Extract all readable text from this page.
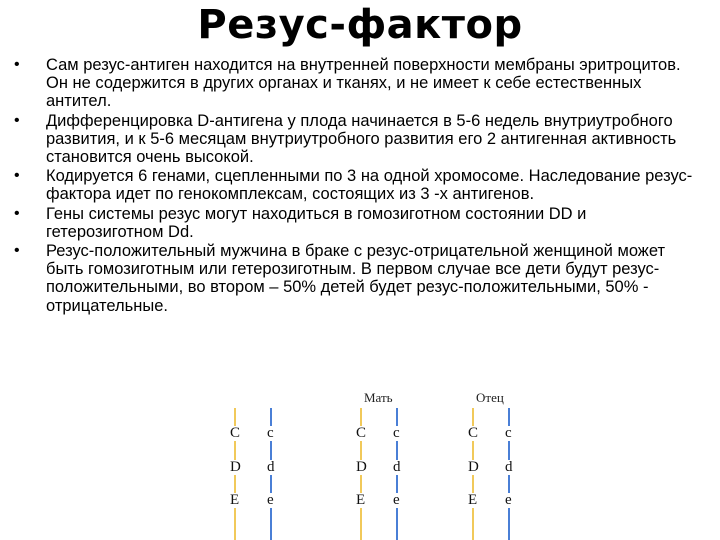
Резус-фактор
• Сам резус-антиген находится на внутренней поверхности мембраны эритроцитов. Он не содержится в других органах и тканях, и не имеет к себе естественных антител.
• Дифференцировка D-антигена у плода начинается в 5-6 недель внутриутробного развития, и к 5-6 месяцам внутриутробного развития его 2 антигенная активность становится очень высокой.
• Кодируется 6 генами, сцепленными по 3 на одной хромосоме. Наследование резус-фактора идет по генокомплексам, состоящих из 3 -х антигенов.
• Гены системы резус могут находиться в гомозиготном состоянии DD и гетерозиготном Dd.
• Резус-положительный мужчина в браке с резус-отрицательной женщиной может быть гомозиготным или гетерозиготным. В первом случае все дети будут резус-положительными, во втором – 50% детей будет резус-положительными, 50% - отрицательные.
Мать	Отец
C
D
E
c
d
e
C
D
E
c
d
e
C
D
E
c
d
e
